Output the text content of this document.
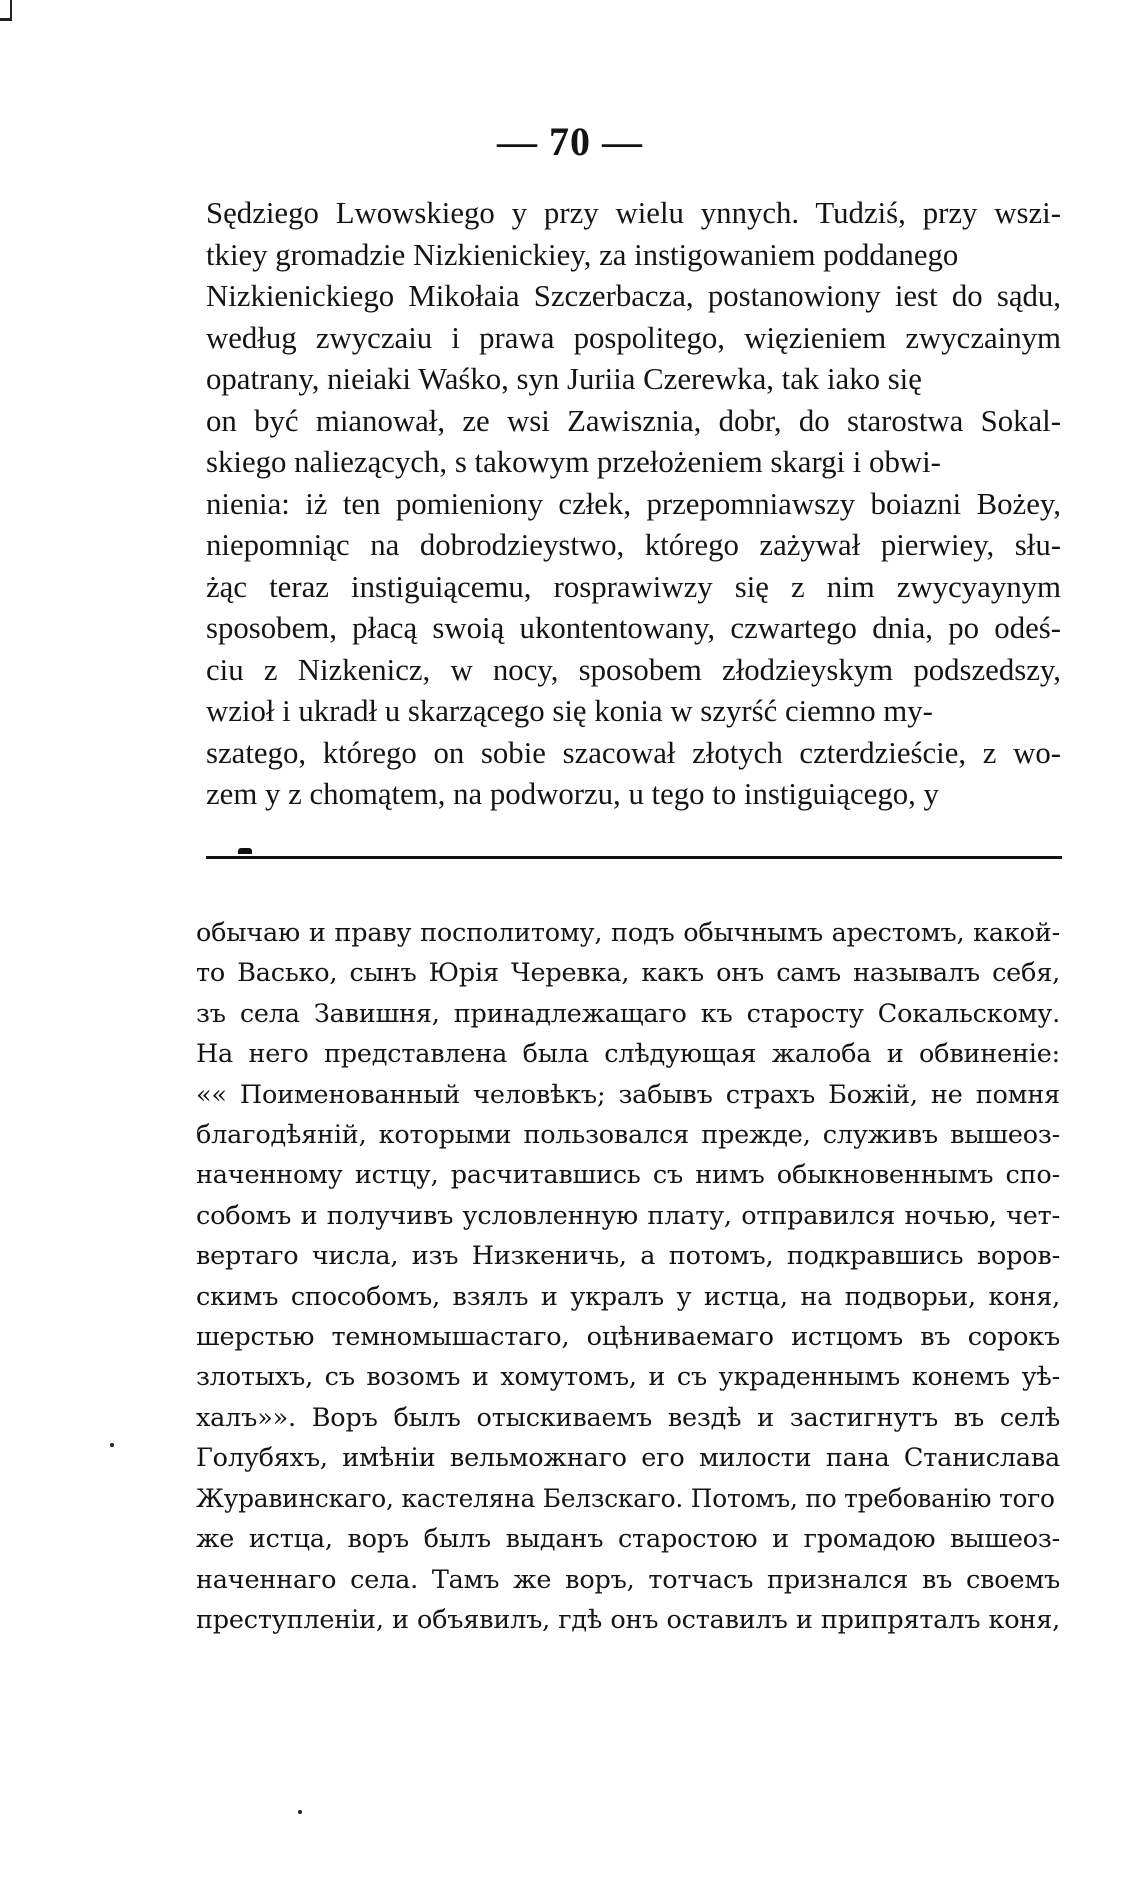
— 70 —
Sędziego Lwowskiego y przy wielu ynnych. Tudziś, przy wszi-
tkiey gromadzie Nizkienickiey, za instigowaniem poddanego
Nizkienickiego Mikołaia Szczerbacza, postanowiony iest do sądu,
według zwyczaiu i prawa pospolitego, więzieniem zwyczainym
opatrany, nieiaki Waśko, syn Juriia Czerewka, tak iako się
on być mianował, ze wsi Zawisznia, dobr, do starostwa Sokal-
skiego naliezących, s takowym przełożeniem skargi i obwi-
nienia: iż ten pomieniony człek, przepomniawszy boiazni Bożey,
niepomniąc na dobrodzieystwo, którego zażywał pierwiey, słu-
żąc teraz instiguiącemu, rosprawiwzy się z nim zwycyaynym
sposobem, płacą swoią ukontentowany, czwartego dnia, po odeś-
ciu z Nizkenicz, w nocy, sposobem złodzieyskym podszedszy,
wzioł i ukradł u skarzącego się konia w szyrść ciemno my-
szatego, którego on sobie szacował złotych czterdzieście, z wo-
zem y z chomątem, na podworzu, u tego to instiguiącego, y
обычаю и праву посполитому, подъ обычнымъ арестомъ, какой-
то Васько, сынъ Юрія Черевка, какъ онъ самъ называлъ себя,
зъ села Завишня, принадлежащаго къ старосту Сокальскому.
На него представлена была слѣдующая жалоба и обвиненіе:
«« Поименованный человѣкъ; забывъ страхъ Божій, не помня
благодѣяній, которыми пользовался прежде, служивъ вышеоз-
наченному истцу, расчитавшись съ нимъ обыкновеннымъ спо-
собомъ и получивъ условленную плату, отправился ночью, чет-
вертаго числа, изъ Низкеничь, а потомъ, подкравшись воров-
скимъ способомъ, взялъ и укралъ у истца, на подворьи, коня,
шерстью темномышастаго, оцѣниваемаго истцомъ въ сорокъ
злотыхъ, съ возомъ и хомутомъ, и съ украденнымъ конемъ уѣ-
халъ»». Воръ былъ отыскиваемъ вездѣ и застигнутъ въ селѣ
Голубяхъ, имѣніи вельможнаго его милости пана Станислава
Журавинскаго, кастеляна Белзскаго. Потомъ, по требованію того
же истца, воръ былъ выданъ старостою и громадою вышеоз-
наченнаго села. Тамъ же воръ, тотчасъ признался въ своемъ
преступленіи, и объявилъ, гдѣ онъ оставилъ и припряталъ коня,
